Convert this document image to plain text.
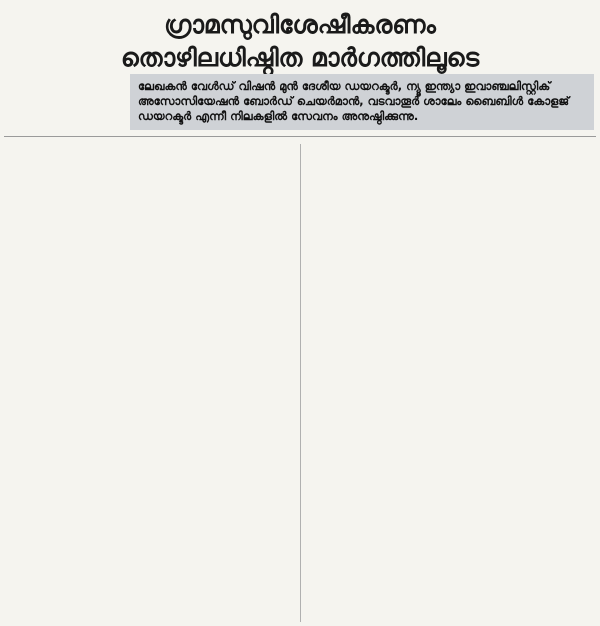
ഗ്രാമസുവിശേഷീകരണം
തൊഴിലധിഷ്ഠിത മാർഗത്തിലൂടെ
ലേഖകൻ വേൾഡ് വിഷൻ മുൻ ദേശീയ ഡയറക്ടർ, ന്യൂ ഇന്ത്യാ ഇവാഞ്ചലിസ്റ്റിക് അസോസിയേഷൻ ബോർഡ് ചെയർമാൻ, വടവാതൂർ ശാലേം ബൈബിൾ കോളജ് ഡയറക്ടർ എന്നീ നിലകളിൽ സേവനം അനുഷ്ഠിക്കുന്നു.
